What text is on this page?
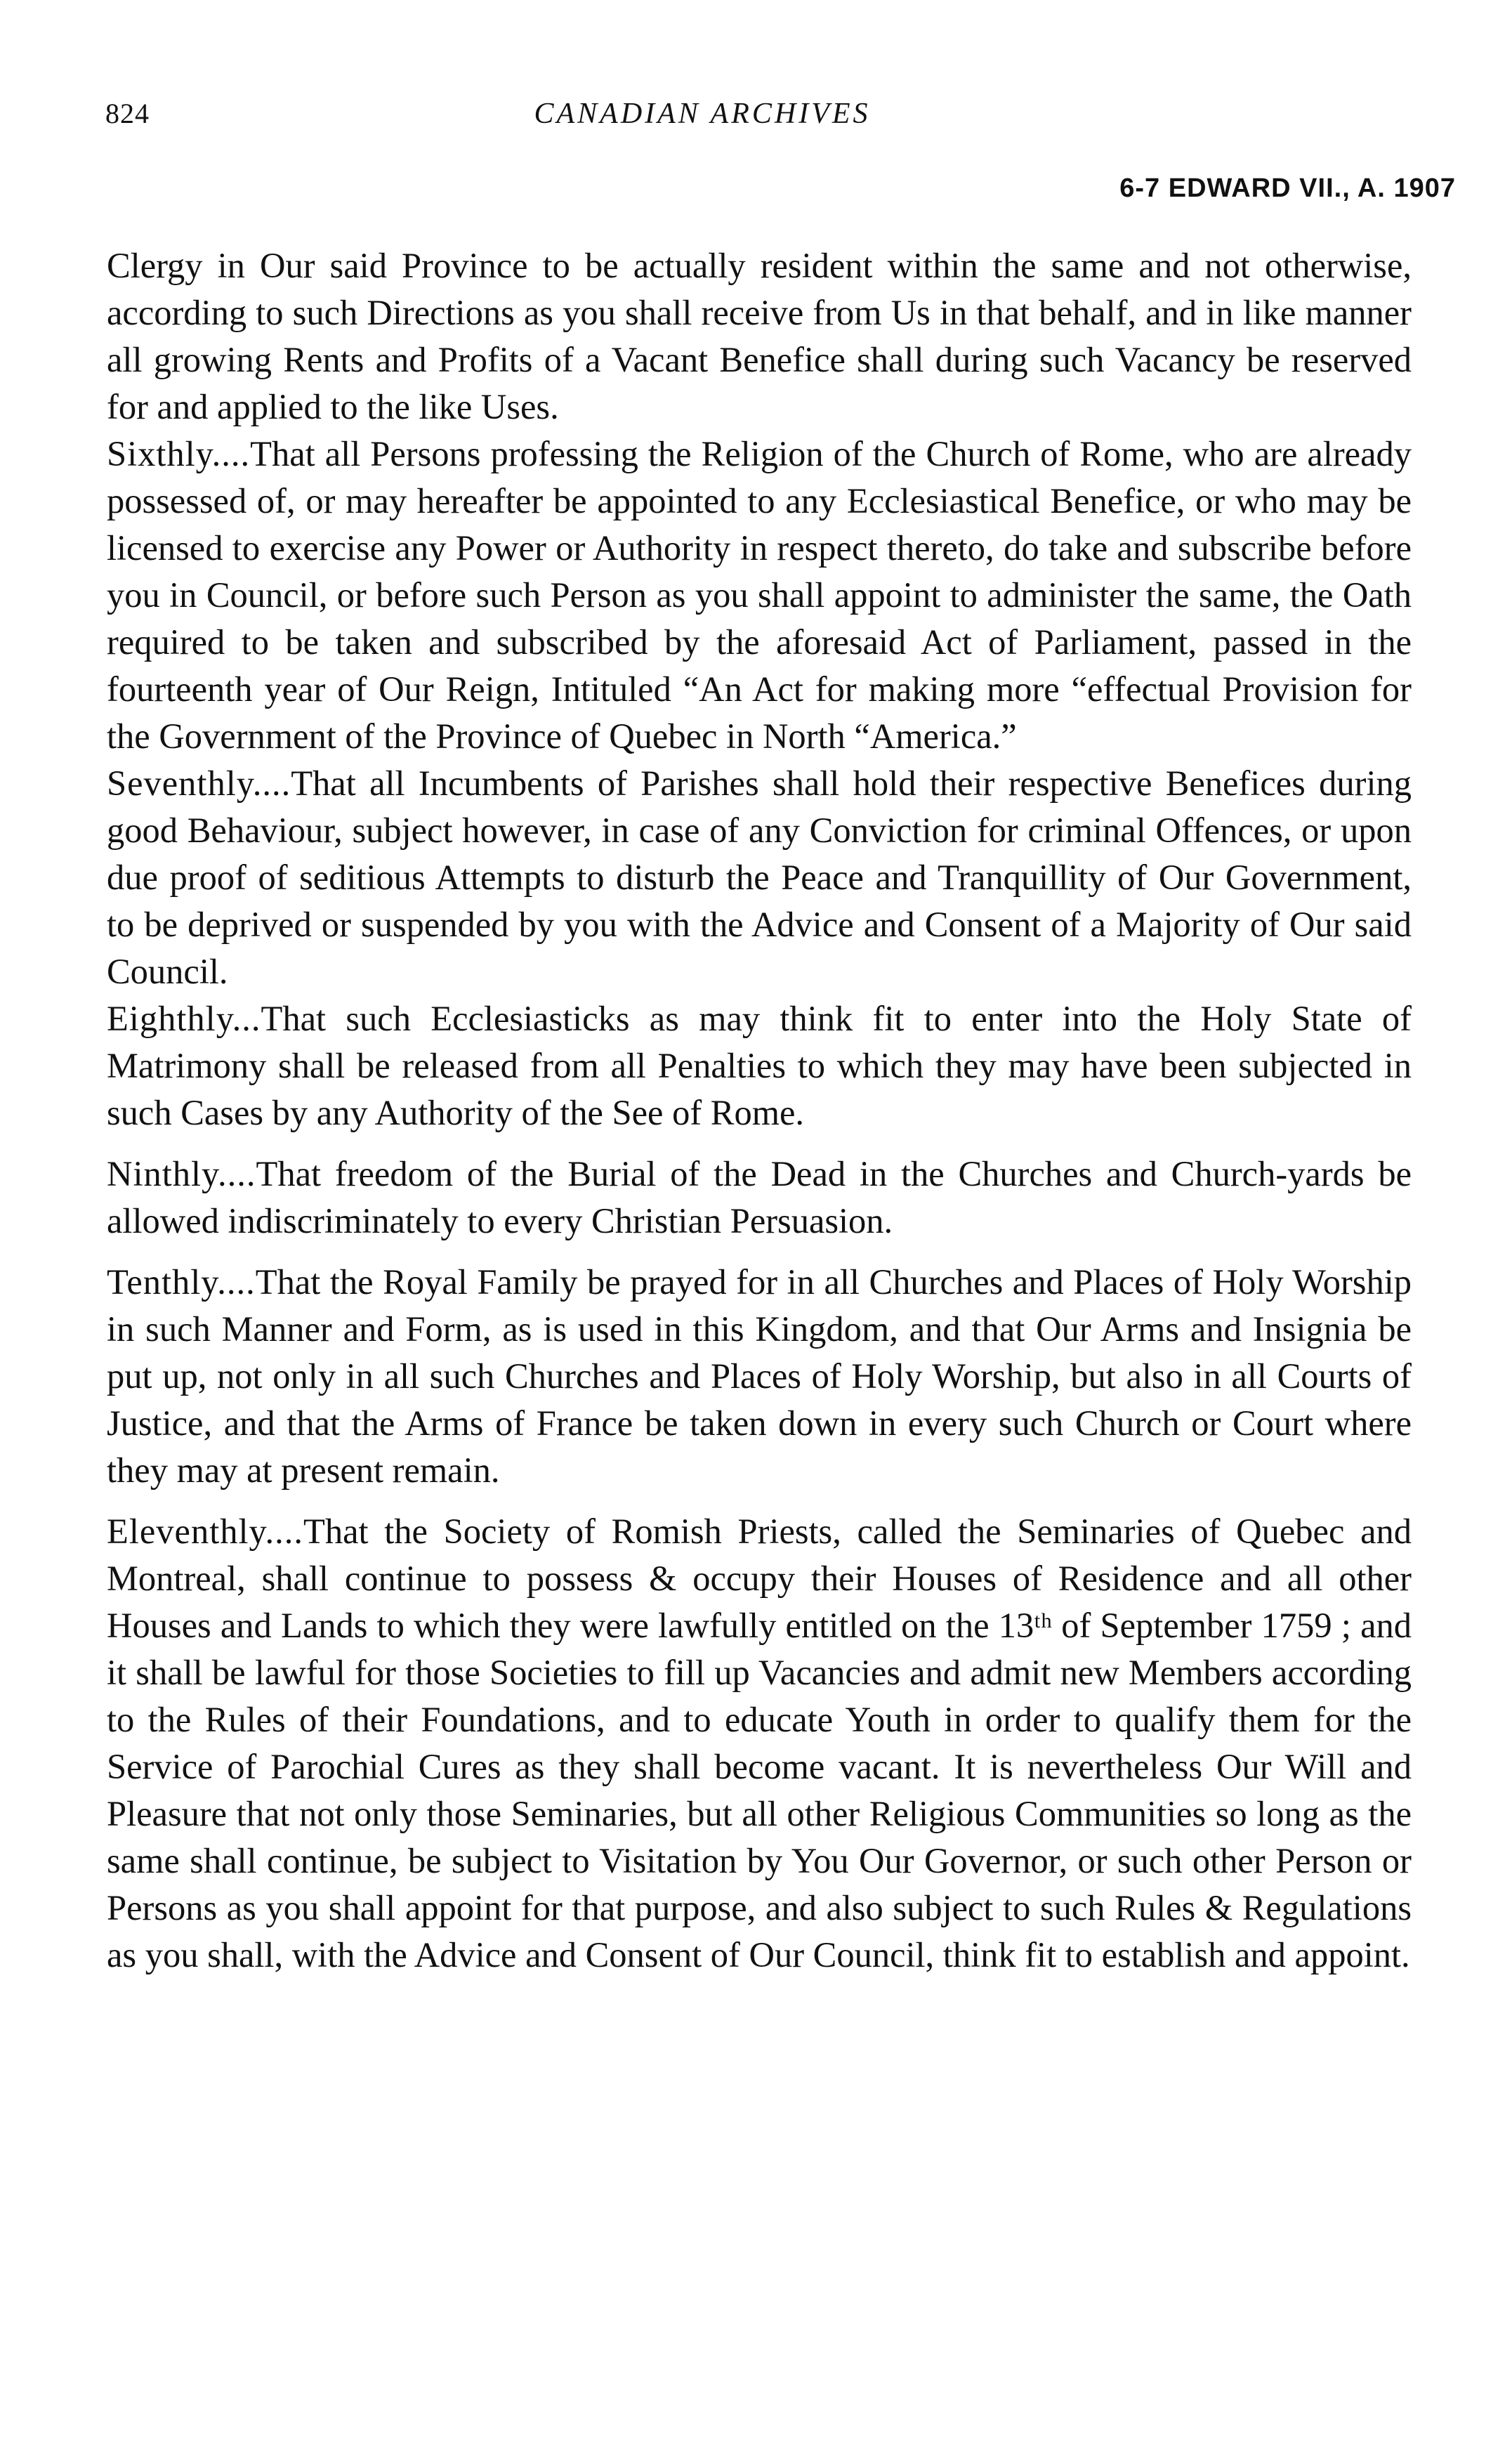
824	CANADIAN ARCHIVES
6-7 EDWARD VII., A. 1907

Clergy in Our said Province to be actually resident within the same and not otherwise, according to such Directions as you shall receive from Us in that behalf, and in like manner all growing Rents and Profits of a Vacant Benefice shall during such Vacancy be reserved for and applied to the like Uses.

Sixthly....That all Persons professing the Religion of the Church of Rome, who are already possessed of, or may hereafter be appointed to any Ecclesiastical Benefice, or who may be licensed to exercise any Power or Authority in respect thereto, do take and subscribe before you in Council, or before such Person as you shall appoint to administer the same, the Oath required to be taken and subscribed by the aforesaid Act of Parliament, passed in the fourteenth year of Our Reign, Intituled “An Act for making more “effectual Provision for the Government of the Province of Quebec in North “America.”

Seventhly....That all Incumbents of Parishes shall hold their respective Benefices during good Behaviour, subject however, in case of any Conviction for criminal Offences, or upon due proof of seditious Attempts to disturb the Peace and Tranquillity of Our Government, to be deprived or suspended by you with the Advice and Consent of a Majority of Our said Council.

Eighthly...That such Ecclesiasticks as may think fit to enter into the Holy State of Matrimony shall be released from all Penalties to which they may have been subjected in such Cases by any Authority of the See of Rome.

Ninthly....That freedom of the Burial of the Dead in the Churches and Church-yards be allowed indiscriminately to every Christian Persuasion.

Tenthly....That the Royal Family be prayed for in all Churches and Places of Holy Worship in such Manner and Form, as is used in this Kingdom, and that Our Arms and Insignia be put up, not only in all such Churches and Places of Holy Worship, but also in all Courts of Justice, and that the Arms of France be taken down in every such Church or Court where they may at present remain.

Eleventhly....That the Society of Romish Priests, called the Seminaries of Quebec and Montreal, shall continue to possess & occupy their Houses of Residence and all other Houses and Lands to which they were lawfully entitled on the 13ᵗʰ of September 1759 ; and it shall be lawful for those Societies to fill up Vacancies and admit new Members according to the Rules of their Foundations, and to educate Youth in order to qualify them for the Service of Parochial Cures as they shall become vacant. It is nevertheless Our Will and Pleasure that not only those Seminaries, but all other Religious Communities so long as the same shall continue, be subject to Visitation by You Our Governor, or such other Person or Persons as you shall appoint for that purpose, and also subject to such Rules & Regulations as you shall, with the Advice and Consent of Our Council, think fit to establish and appoint.
